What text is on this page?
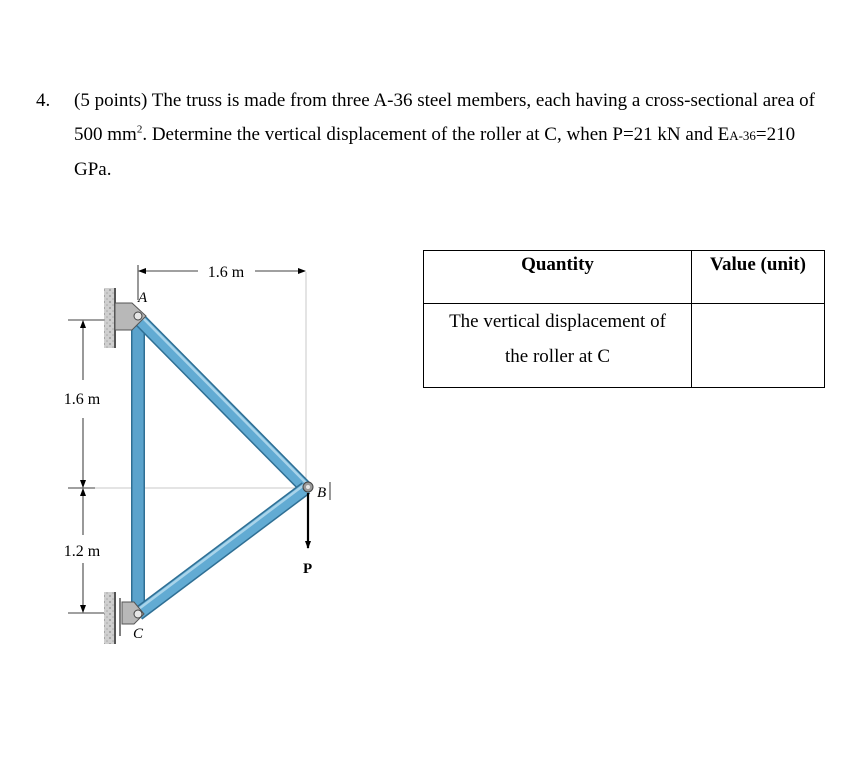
4. (5 points) The truss is made from three A-36 steel members, each having a cross-sectional area of 500 $mm^2$. Determine the vertical displacement of the roller at C, when P=21 kN and EA-36=210 GPa.
1.6 m
1.6 m
1.2 m
A
B
C
P
Quantity	Value (unit)

The vertical displacement of
the roller at C	
